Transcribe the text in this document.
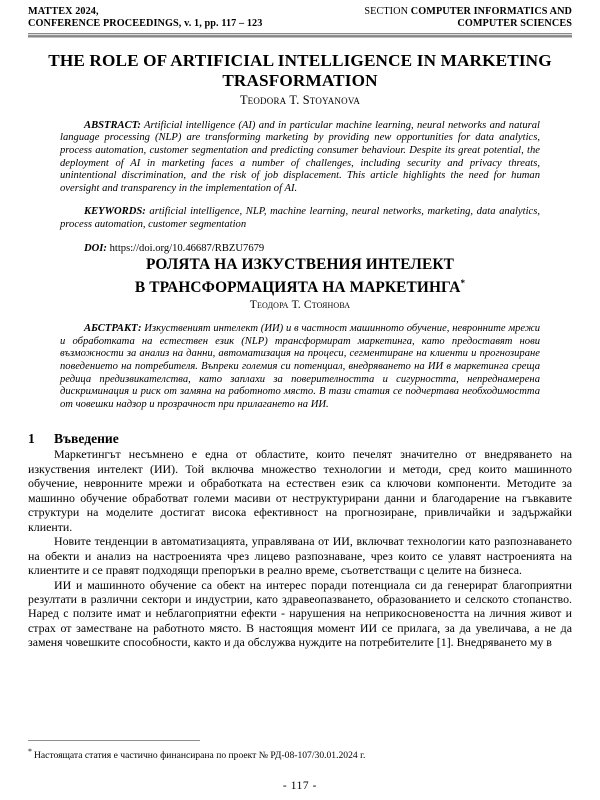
MATTEX 2024,
CONFERENCE PROCEEDINGS, v. 1, pp. 117 – 123
SECTION COMPUTER INFORMATICS AND
COMPUTER SCIENCES
THE ROLE OF ARTIFICIAL INTELLIGENCE IN MARKETING TRASFORMATION
Teodora T. Stoyanova
ABSTRACT: Artificial intelligence (AI) and in particular machine learning, neural networks and natural language processing (NLP) are transforming marketing by providing new opportunities for data analytics, process automation, customer segmentation and predicting consumer behaviour. Despite its great potential, the deployment of AI in marketing faces a number of challenges, including security and privacy threats, unintentional discrimination, and the risk of job displacement. This article highlights the need for human oversight and transparency in the implementation of AI.
KEYWORDS: artificial intelligence, NLP, machine learning, neural networks, marketing, data analytics, process automation, customer segmentation
DOI: https://doi.org/10.46687/RBZU7679
РОЛЯТА НА ИЗКУСТВЕНИЯ ИНТЕЛЕКТ
В ТРАНСФОРМАЦИЯТА НА МАРКЕТИНГА*
Теодора Т. Стоянова
АБСТРАКТ: Изкуственият интелект (ИИ) и в частност машинното обучение, невронните мрежи и обработката на естествен език (NLP) трансформират маркетинга, като предоставят нови възможности за анализ на данни, автоматизация на процеси, сегментиране на клиенти и прогнозиране поведението на потребителя. Въпреки големия си потенциал, внедряването на ИИ в маркетинга среща редица предизвикателства, като заплахи за поверителността и сигурността, непреднамерена дискриминация и риск от замяна на работното място. В тази статия се подчертава необходимостта от човешки надзор и прозрачност при прилагането на ИИ.
1	Въведение

Маркетингът несъмнено е една от областите, които печелят значително от внедряването на изкуствения интелект (ИИ). Той включва множество технологии и методи, сред които машинното обучение, невронните мрежи и обработката на естествен език са ключови компоненти. Методите за машинно обучение обработват големи масиви от неструктурирани данни и благодарение на гъвкавите структури на моделите достигат висока ефективност на прогнозиране, привличайки и задържайки клиенти.

Новите тенденции в автоматизацията, управлявана от ИИ, включват технологии като разпознаването на обекти и анализ на настроенията чрез лицево разпознаване, чрез които се улавят настроенията на клиентите и се правят подходящи препоръки в реално време, съответстващи с целите на бизнеса.

ИИ и машинното обучение са обект на интерес поради потенциала си да генерират благоприятни резултати в различни сектори и индустрии, като здравеопазването, образованието и селското стопанство. Наред с ползите имат и неблагоприятни ефекти - нарушения на неприкосновеността на личния живот и страх от заместване на работното място. В настоящия момент ИИ се прилага, за да увеличава, а не да заменя човешките способности, както и да обслужва нуждите на потребителите [1]. Внедряването му в

* Настоящата статия е частично финансирана по проект № РД-08-107/30.01.2024 г.
- 117 -
